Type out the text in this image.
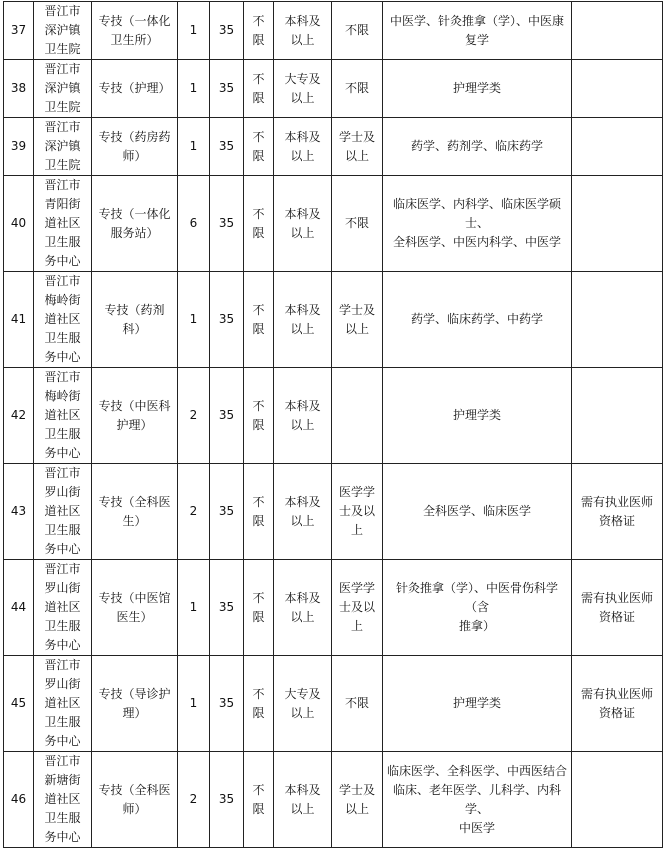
37	晋江市
深沪镇
卫生院	专技（一体化
卫生所）	1	35	不
限	本科及
以上	不限	中医学、针灸推拿（学）、中医康
复学	

38	晋江市
深沪镇
卫生院	专技（护理）	1	35	不
限	大专及
以上	不限	护理学类	

39	晋江市
深沪镇
卫生院	专技（药房药
师）	1	35	不
限	本科及
以上	学士及
以上	药学、药剂学、临床药学	

40	晋江市
青阳街
道社区
卫生服
务中心	专技（一体化
服务站）	6	35	不
限	本科及
以上	不限	临床医学、内科学、临床医学硕士、
全科医学、中医内科学、中医学	

41	晋江市
梅岭街
道社区
卫生服
务中心	专技（药剂
科）	1	35	不
限	本科及
以上	学士及
以上	药学、临床药学、中药学	

42	晋江市
梅岭街
道社区
卫生服
务中心	专技（中医科
护理）	2	35	不
限	本科及
以上		护理学类	

43	晋江市
罗山街
道社区
卫生服
务中心	专技（全科医
生）	2	35	不
限	本科及
以上	医学学
士及以
上	全科医学、临床医学	需有执业医师
资格证

44	晋江市
罗山街
道社区
卫生服
务中心	专技（中医馆
医生）	1	35	不
限	本科及
以上	医学学
士及以
上	针灸推拿（学）、中医骨伤科学（含
推拿）	需有执业医师
资格证

45	晋江市
罗山街
道社区
卫生服
务中心	专技（导诊护
理）	1	35	不
限	大专及
以上	不限	护理学类	需有执业医师
资格证

46	晋江市
新塘街
道社区
卫生服
务中心	专技（全科医
师）	2	35	不
限	本科及
以上	学士及
以上	临床医学、全科医学、中西医结合
临床、老年医学、儿科学、内科学、
中医学	
